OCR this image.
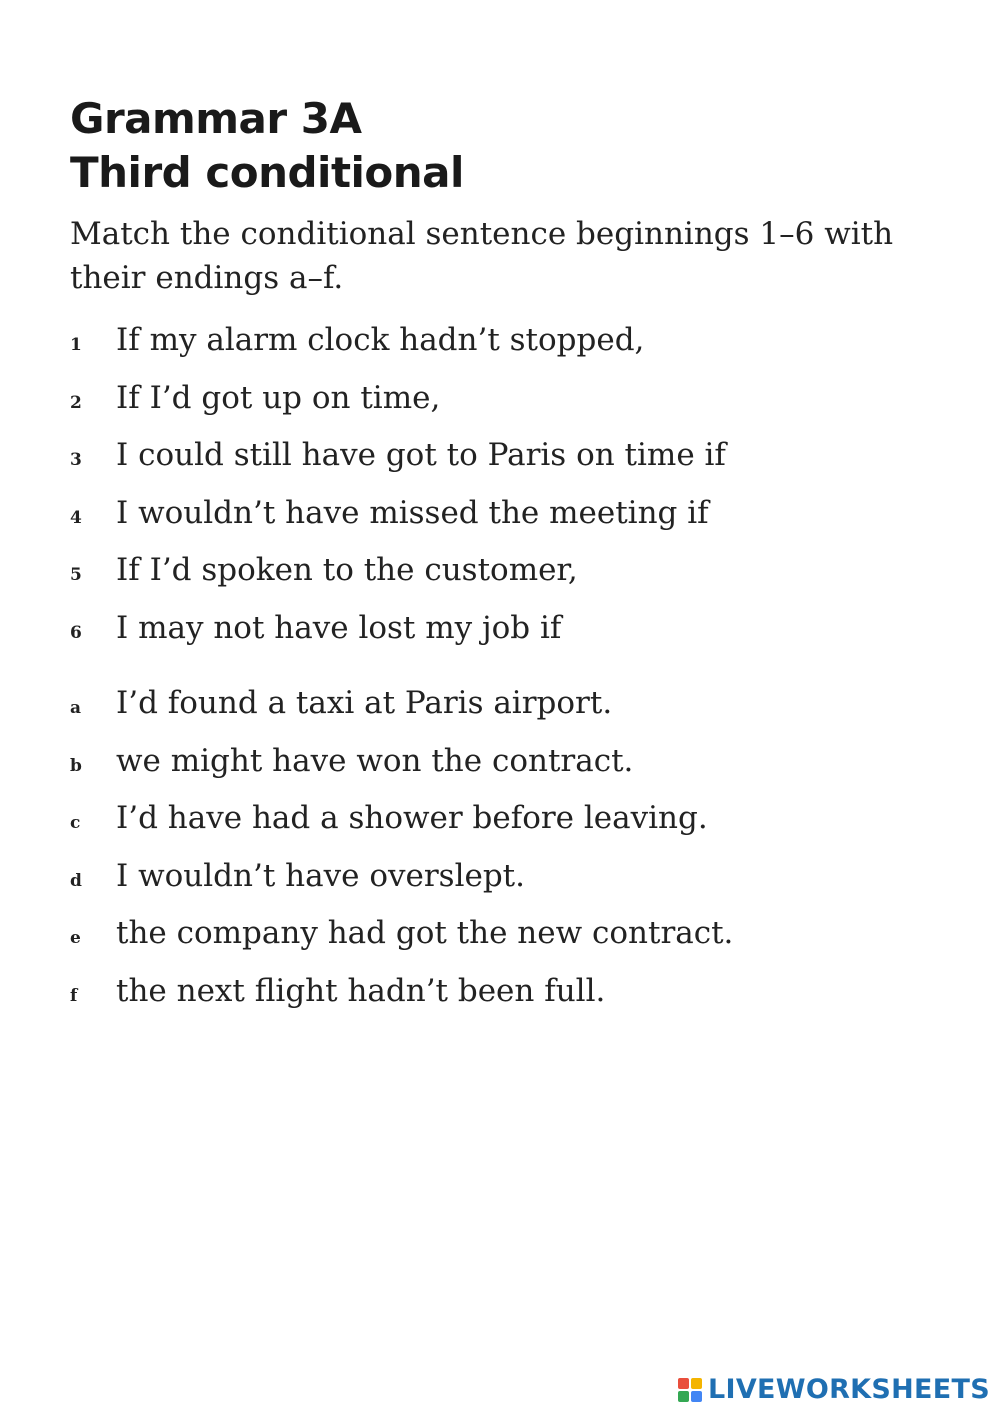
Grammar 3A
Third conditional

Match the conditional sentence beginnings 1–6 with their endings a–f.

1	If my alarm clock hadn’t stopped,
2	If I’d got up on time,
3	I could still have got to Paris on time if
4	I wouldn’t have missed the meeting if
5	If I’d spoken to the customer,
6	I may not have lost my job if
a	I’d found a taxi at Paris airport.
b	we might have won the contract.
c	I’d have had a shower before leaving.
d	I wouldn’t have overslept.
e	the company had got the new contract.
f	the next flight hadn’t been full.
LIVEWORKSHEETS
